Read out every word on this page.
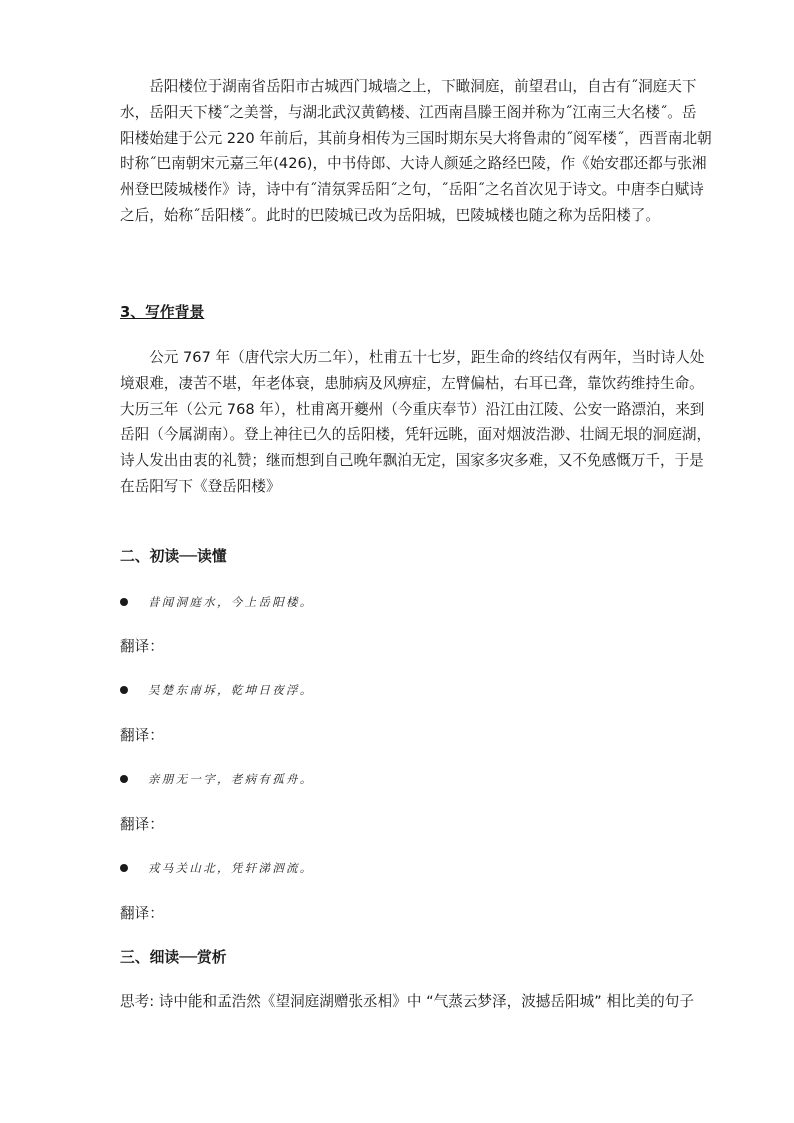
　　岳阳楼位于湖南省岳阳市古城西门城墙之上，下瞰洞庭，前望君山，自古有˝洞庭天下
水，岳阳天下楼˝之美誉，与湖北武汉黄鹤楼、江西南昌滕王阁并称为˝江南三大名楼˝。岳
阳楼始建于公元 220 年前后，其前身相传为三国时期东吴大将鲁肃的˝阅军楼˝，西晋南北朝
时称˝巴南朝宋元嘉三年(426)，中书侍郎、大诗人颜延之路经巴陵，作《始安郡还都与张湘
州登巴陵城楼作》诗，诗中有˝清氛霁岳阳˝之句，˝岳阳˝之名首次见于诗文。中唐李白赋诗
之后，始称˝岳阳楼˝。此时的巴陵城已改为岳阳城，巴陵城楼也随之称为岳阳楼了。
3、写作背景
　　公元 767 年（唐代宗大历二年），杜甫五十七岁，距生命的终结仅有两年，当时诗人处
境艰难，凄苦不堪，年老体衰，患肺病及风痹症，左臂偏枯，右耳已聋，靠饮药维持生命。
大历三年（公元 768 年），杜甫离开夔州（今重庆奉节）沿江由江陵、公安一路漂泊，来到
岳阳（今属湖南）。登上神往已久的岳阳楼，凭轩远眺，面对烟波浩渺、壮阔无垠的洞庭湖，
诗人发出由衷的礼赞；继而想到自己晚年飘泊无定，国家多灾多难，又不免感慨万千，于是
在岳阳写下《登岳阳楼》
二、初读──读懂
昔闻洞庭水，今上岳阳楼。
翻译：
吴楚东南坼，乾坤日夜浮。
翻译：
亲朋无一字，老病有孤舟。
翻译：
戎马关山北，凭轩涕泗流。
翻译：
三、细读──赏析
思考: 诗中能和孟浩然《望洞庭湖赠张丞相》中 “气蒸云梦泽，波撼岳阳城” 相比美的句子
